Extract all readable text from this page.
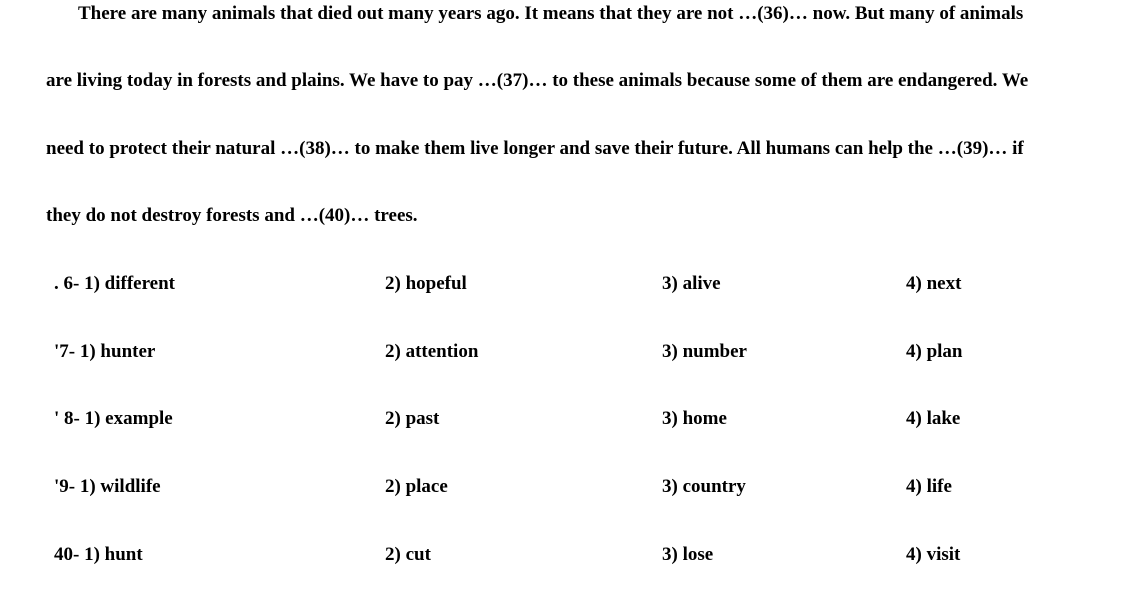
There are many animals that died out many years ago. It means that they are not …(36)… now. But many of animals
are living today in forests and plains. We have to pay …(37)… to these animals because some of them are endangered. We
need to protect their natural …(38)… to make them live longer and save their future. All humans can help the …(39)… if
they do not destroy forests and …(40)… trees.
. 6- 1) different	2) hopeful	3) alive	4) next
'7- 1) hunter	2) attention	3) number	4) plan
' 8- 1) example	2) past	3) home	4) lake
'9- 1) wildlife	2) place	3) country	4) life
40- 1) hunt	2) cut	3) lose	4) visit
